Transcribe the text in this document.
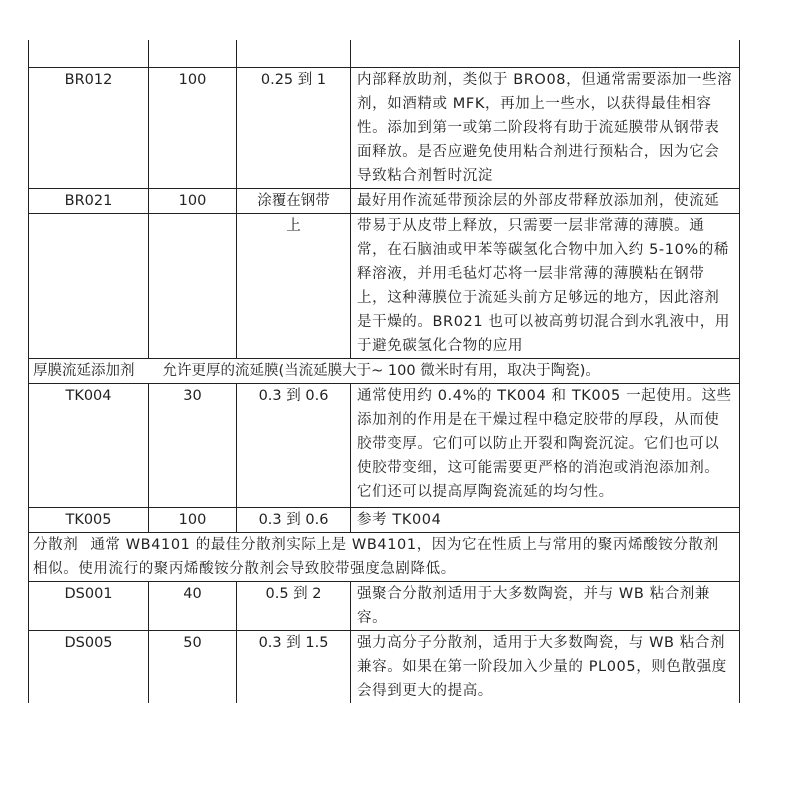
BR012	100	0.25 到 1	内部释放助剂，类似于 BRO08，但通常需要添加一些溶剂，如酒精或 MFK，再加上一些水，以获得最佳相容性。添加到第一或第二阶段将有助于流延膜带从钢带表面释放。是否应避免使用粘合剂进行预粘合，因为它会导致粘合剂暂时沉淀
BR021	100	涂覆在钢带	最好用作流延带预涂层的外部皮带释放添加剂，使流延
		上	带易于从皮带上释放，只需要一层非常薄的薄膜。通常，在石脑油或甲苯等碳氢化合物中加入约 5-10%的稀释溶液，并用毛毡灯芯将一层非常薄的薄膜粘在钢带上，这种薄膜位于流延头前方足够远的地方，因此溶剂是干燥的。BR021 也可以被高剪切混合到水乳液中，用于避免碳氢化合物的应用
厚膜流延添加剂 允许更厚的流延膜(当流延膜大于~ 100 微米时有用，取决于陶瓷)。			
TK004	30	0.3 到 0.6	通常使用约 0.4%的 TK004 和 TK005 一起使用。这些添加剂的作用是在干燥过程中稳定胶带的厚段，从而使胶带变厚。它们可以防止开裂和陶瓷沉淀。它们也可以使胶带变细，这可能需要更严格的消泡或消泡添加剂。它们还可以提高厚陶瓷流延的均匀性。
TK005	100	0.3 到 0.6	参考 TK004
分散剂 通常 WB4101 的最佳分散剂实际上是 WB4101，因为它在性质上与常用的聚丙烯酸铵分散剂相似。使用流行的聚丙烯酸铵分散剂会导致胶带强度急剧降低。			
DS001	40	0.5 到 2	强聚合分散剂适用于大多数陶瓷，并与 WB 粘合剂兼容。
DS005	50	0.3 到 1.5	强力高分子分散剂，适用于大多数陶瓷，与 WB 粘合剂兼容。如果在第一阶段加入少量的 PL005，则色散强度会得到更大的提高。
